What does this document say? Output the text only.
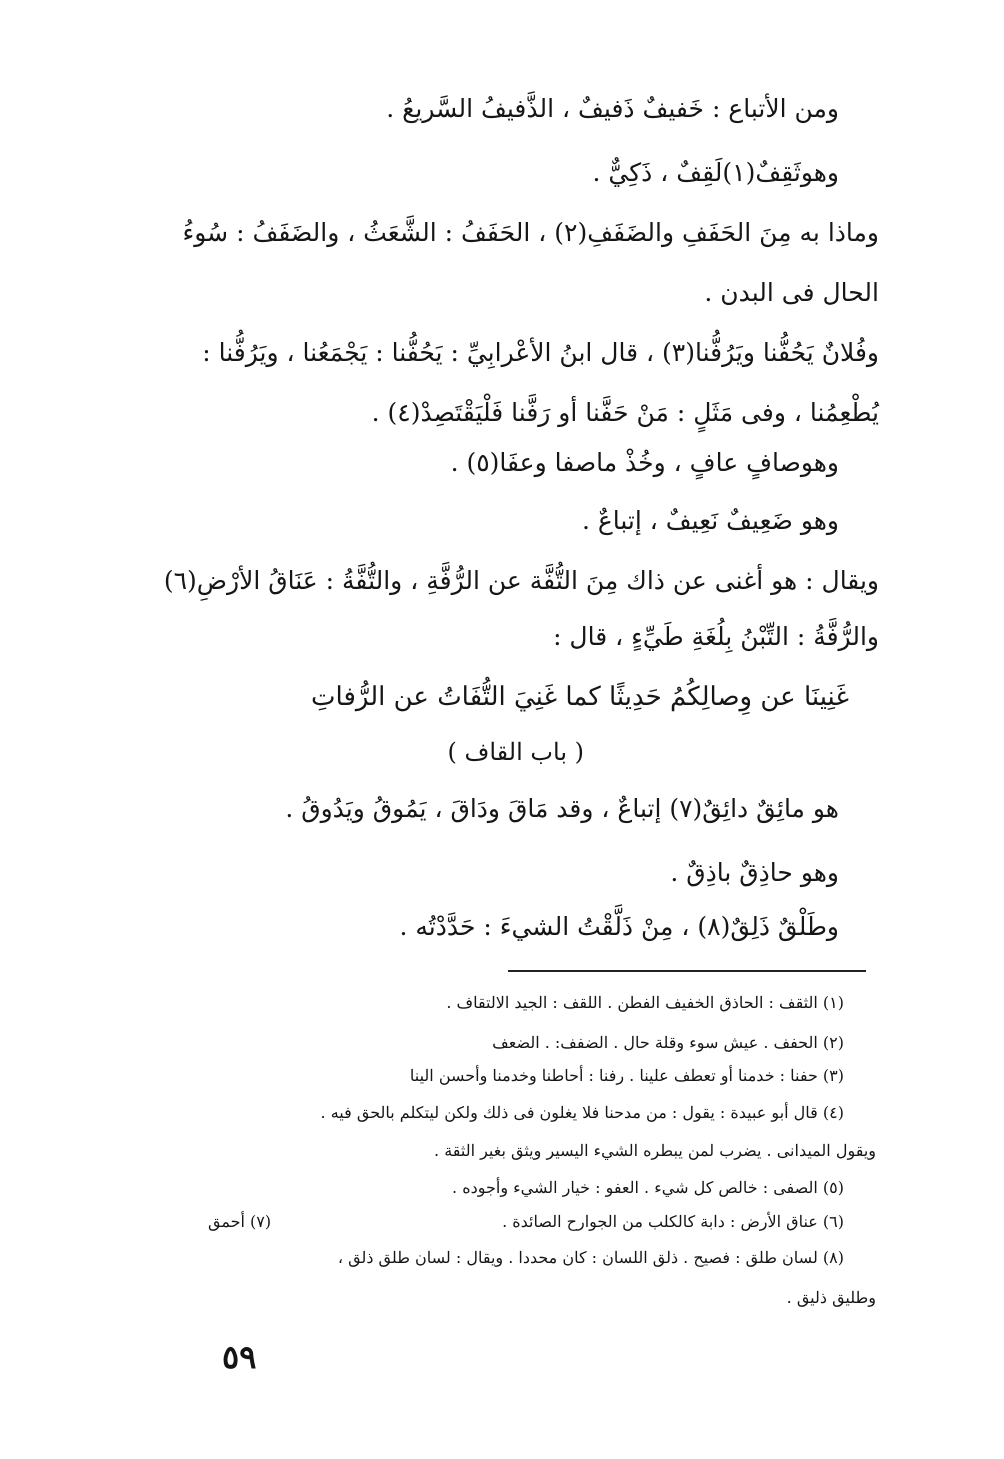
ومن الأتباع : خَفيفٌ ذَفيفٌ ، الذَّفيفُ السَّريعُ .
وهوثَقِفٌ(١)لَقِفٌ ، ذَكِيٌّ .
وماذا به مِنَ الحَفَفِ والضَفَفِ(٢) ، الحَفَفُ : الشَّعَثُ ، والضَفَفُ : سُوءُ
الحال فى البدن .
وفُلانٌ يَحُفُّنا ويَرُفُّنا(٣) ، قال ابنُ الأعْرابِيِّ : يَحُفُّنا : يَجْمَعُنا ، ويَرُفُّنا :
يُطْعِمُنا ، وفى مَثَلٍ : مَنْ حَفَّنا أو رَفَّنا فَلْيَقْتَصِدْ(٤) .
وهوصافٍ عافٍ ، وخُذْ ماصفا وعفَا(٥) .
وهو ضَعِيفٌ نَعِيفٌ ، إتباعٌ .
ويقال : هو أغنى عن ذاك مِنَ التُّفَّة عن الرُّفَّةِ ، والتُّفَّةُ : عَنَاقُ الأرْضِ(٦)
والرُّفَّةُ : التِّبْنُ بِلُغَةِ طَيِّءٍ ، قال :
غَنِينَا عن وِصالِكُمُ حَدِيثًا كما غَنِيَ التُّفَاتُ عن الرُّفاتِ
( باب القاف )
هو مائِقٌ دائِقٌ(٧) إتباعٌ ، وقد مَاقَ ودَاقَ ، يَمُوقُ ويَدُوقُ .
وهو حاذِقٌ باذِقٌ .
وطَلْقٌ ذَلِقٌ(٨) ، مِنْ ذَلَّقْتُ الشيءَ : حَدَّدْتُه .
(١) الثقف : الحاذق الخفيف الفطن . اللقف : الجيد الالتقاف .
(٢) الحفف . عيش سوء وقلة حال . الضفف: . الضعف
(٣) حفنا : خدمنا أو تعطف علينا . رفنا : أحاطنا وخدمنا وأحسن الينا
(٤) قال أبو عبيدة : يقول : من مدحنا فلا يغلون فى ذلك ولكن ليتكلم بالحق فيه .
ويقول الميدانى . يضرب لمن يبطره الشيء اليسير ويثق بغير الثقة .
(٥) الصفى : خالص كل شيء . العفو : خيار الشيء وأجوده .
(٦) عناق الأرض : دابة كالكلب من الجوارح الصائدة .
(٧) أحمق
(٨) لسان طلق : فصيح . ذلق اللسان : كان محددا . ويقال : لسان طلق ذلق ،
وطليق ذليق .
٥٩
